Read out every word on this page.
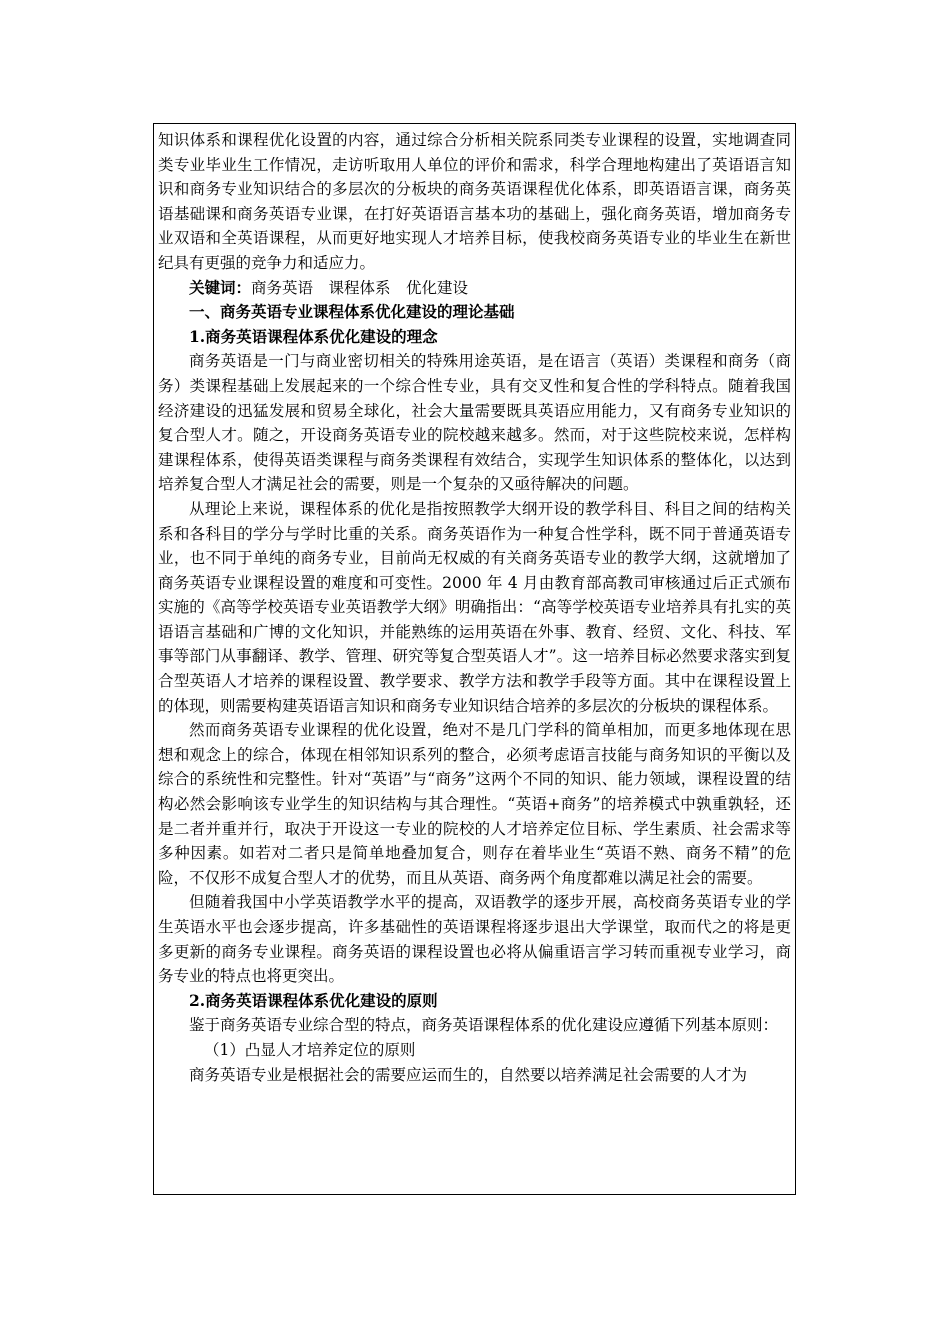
知识体系和课程优化设置的内容，通过综合分析相关院系同类专业课程的设置，实地调查同类专业毕业生工作情况，走访听取用人单位的评价和需求，科学合理地构建出了英语语言知识和商务专业知识结合的多层次的分板块的商务英语课程优化体系，即英语语言课，商务英语基础课和商务英语专业课，在打好英语语言基本功的基础上，强化商务英语，增加商务专业双语和全英语课程，从而更好地实现人才培养目标，使我校商务英语专业的毕业生在新世纪具有更强的竞争力和适应力。

关键词：商务英语　课程体系　优化建设

一、商务英语专业课程体系优化建设的理论基础

1.商务英语课程体系优化建设的理念

商务英语是一门与商业密切相关的特殊用途英语，是在语言（英语）类课程和商务（商务）类课程基础上发展起来的一个综合性专业，具有交叉性和复合性的学科特点。随着我国经济建设的迅猛发展和贸易全球化，社会大量需要既具英语应用能力，又有商务专业知识的复合型人才。随之，开设商务英语专业的院校越来越多。然而，对于这些院校来说，怎样构建课程体系，使得英语类课程与商务类课程有效结合，实现学生知识体系的整体化，以达到培养复合型人才满足社会的需要，则是一个复杂的又亟待解决的问题。

从理论上来说，课程体系的优化是指按照教学大纲开设的教学科目、科目之间的结构关系和各科目的学分与学时比重的关系。商务英语作为一种复合性学科，既不同于普通英语专业，也不同于单纯的商务专业，目前尚无权威的有关商务英语专业的教学大纲，这就增加了商务英语专业课程设置的难度和可变性。2000 年 4 月由教育部高教司审核通过后正式颁布实施的《高等学校英语专业英语教学大纲》明确指出：“高等学校英语专业培养具有扎实的英语语言基础和广博的文化知识，并能熟练的运用英语在外事、教育、经贸、文化、科技、军事等部门从事翻译、教学、管理、研究等复合型英语人才”。这一培养目标必然要求落实到复合型英语人才培养的课程设置、教学要求、教学方法和教学手段等方面。其中在课程设置上的体现，则需要构建英语语言知识和商务专业知识结合培养的多层次的分板块的课程体系。

然而商务英语专业课程的优化设置，绝对不是几门学科的简单相加，而更多地体现在思想和观念上的综合，体现在相邻知识系列的整合，必须考虑语言技能与商务知识的平衡以及综合的系统性和完整性。针对“英语”与“商务”这两个不同的知识、能力领域，课程设置的结构必然会影响该专业学生的知识结构与其合理性。“英语+商务”的培养模式中孰重孰轻，还是二者并重并行，取决于开设这一专业的院校的人才培养定位目标、学生素质、社会需求等多种因素。如若对二者只是简单地叠加复合，则存在着毕业生“英语不熟、商务不精”的危险，不仅形不成复合型人才的优势，而且从英语、商务两个角度都难以满足社会的需要。

但随着我国中小学英语教学水平的提高，双语教学的逐步开展，高校商务英语专业的学生英语水平也会逐步提高，许多基础性的英语课程将逐步退出大学课堂，取而代之的将是更多更新的商务专业课程。商务英语的课程设置也必将从偏重语言学习转而重视专业学习，商务专业的特点也将更突出。

2.商务英语课程体系优化建设的原则

鉴于商务英语专业综合型的特点，商务英语课程体系的优化建设应遵循下列基本原则：

（1）凸显人才培养定位的原则

商务英语专业是根据社会的需要应运而生的，自然要以培养满足社会需要的人才为
